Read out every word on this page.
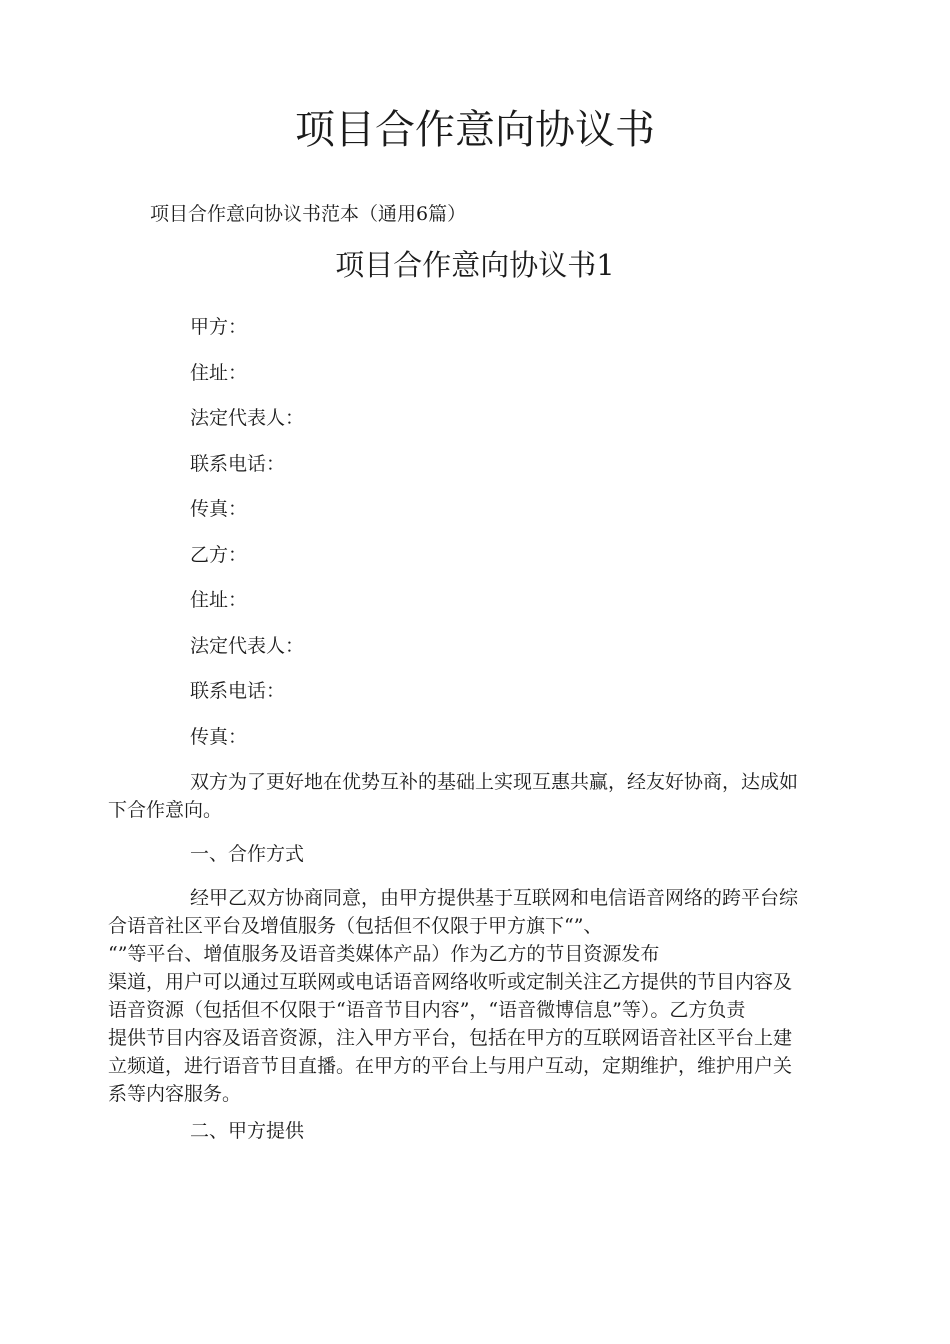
项目合作意向协议书

项目合作意向协议书范本（通用6篇）

项目合作意向协议书1
甲方：
住址：
法定代表人：
联系电话：
传真：
乙方：
住址：
法定代表人：
联系电话：
传真：

双方为了更好地在优势互补的基础上实现互惠共赢，经友好协商，达成如
下合作意向。

一、合作方式

经甲乙双方协商同意，由甲方提供基于互联网和电信语音网络的跨平台综
合语音社区平台及增值服务（包括但不仅限于甲方旗下“”、
“”等平台、增值服务及语音类媒体产品）作为乙方的节目资源发布
渠道，用户可以通过互联网或电话语音网络收听或定制关注乙方提供的节目内容及
语音资源（包括但不仅限于“语音节目内容”，“语音微博信息”等）。乙方负责
提供节目内容及语音资源，注入甲方平台，包括在甲方的互联网语音社区平台上建
立频道，进行语音节目直播。在甲方的平台上与用户互动，定期维护，维护用户关
系等内容服务。

二、甲方提供
